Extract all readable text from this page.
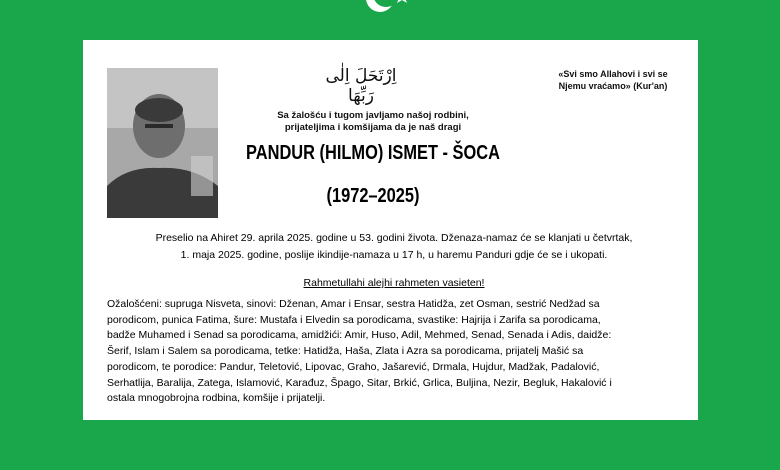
اِرْتَحَلَ اِلٰى رَبِّهَا
«Svi smo Allahovi i svi se
Njemu vraćamo» (Kur'an)
Sa žalošću i tugom javljamo našoj rodbini,
prijateljima i komšijama da je naš dragi
PANDUR (HILMO) ISMET - ŠOCA
(1972–2025)
Preselio na Ahiret 29. aprila 2025. godine u 53. godini života. Dženaza-namaz će se klanjati u četvrtak,
1. maja 2025. godine, poslije ikindije-namaza u 17 h, u haremu Panduri gdje će se i ukopati.
Rahmetullahi alejhi rahmeten vasieten!
Ožalošćeni: supruga Nisveta, sinovi: Dženan, Amar i Ensar, sestra Hatidža, zet Osman, sestrić Nedžad sa
porodicom, punica Fatima, šure: Mustafa i Elvedin sa porodicama, svastike: Hajrija i Zarifa sa porodicama,
badže Muhamed i Senad sa porodicama, amidžići: Amir, Huso, Adil, Mehmed, Senad, Senada i Adis, daidže:
Šerif, Islam i Salem sa porodicama, tetke: Hatidža, Haša, Zlata i Azra sa porodicama, prijatelj Mašić sa
porodicom, te porodice: Pandur, Teletović, Lipovac, Graho, Jašarević, Drmala, Hujdur, Madžak, Padalović,
Serhatlija, Baralija, Zatega, Islamović, Karađuz, Špago, Sitar, Brkić, Grlica, Buljina, Nezir, Begluk, Hakalović i
ostala mnogobrojna rodbina, komšije i prijatelji.
